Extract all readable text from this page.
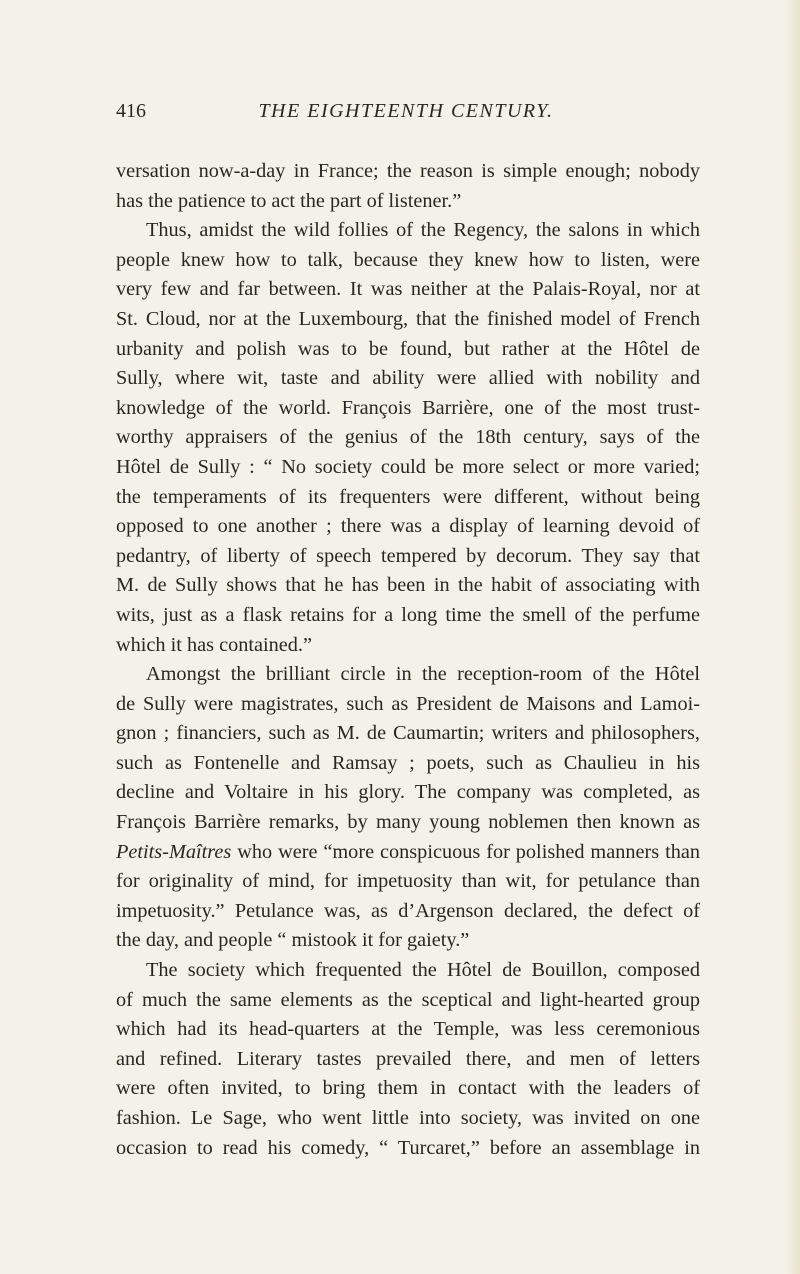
416	THE EIGHTEENTH CENTURY.
versation now-a-day in France; the reason is simple enough; nobody
has the patience to act the part of listener.”
Thus, amidst the wild follies of the Regency, the salons in which
people knew how to talk, because they knew how to listen, were
very few and far between. It was neither at the Palais-Royal, nor at
St. Cloud, nor at the Luxembourg, that the finished model of French
urbanity and polish was to be found, but rather at the Hôtel de
Sully, where wit, taste and ability were allied with nobility and
knowledge of the world. François Barrière, one of the most trust-
worthy appraisers of the genius of the 18th century, says of the
Hôtel de Sully : “ No society could be more select or more varied;
the temperaments of its frequenters were different, without being
opposed to one another ; there was a display of learning devoid of
pedantry, of liberty of speech tempered by decorum. They say that
M. de Sully shows that he has been in the habit of associating with
wits, just as a flask retains for a long time the smell of the perfume
which it has contained.”
Amongst the brilliant circle in the reception-room of the Hôtel
de Sully were magistrates, such as President de Maisons and Lamoi-
gnon ; financiers, such as M. de Caumartin; writers and philosophers,
such as Fontenelle and Ramsay ; poets, such as Chaulieu in his
decline and Voltaire in his glory. The company was completed, as
François Barrière remarks, by many young noblemen then known as
Petits-Maîtres who were “more conspicuous for polished manners than
for originality of mind, for impetuosity than wit, for petulance than
impetuosity.” Petulance was, as d’Argenson declared, the defect of
the day, and people “ mistook it for gaiety.”
The society which frequented the Hôtel de Bouillon, composed
of much the same elements as the sceptical and light-hearted group
which had its head-quarters at the Temple, was less ceremonious
and refined. Literary tastes prevailed there, and men of letters
were often invited, to bring them in contact with the leaders of
fashion. Le Sage, who went little into society, was invited on one
occasion to read his comedy, “ Turcaret,” before an assemblage in
